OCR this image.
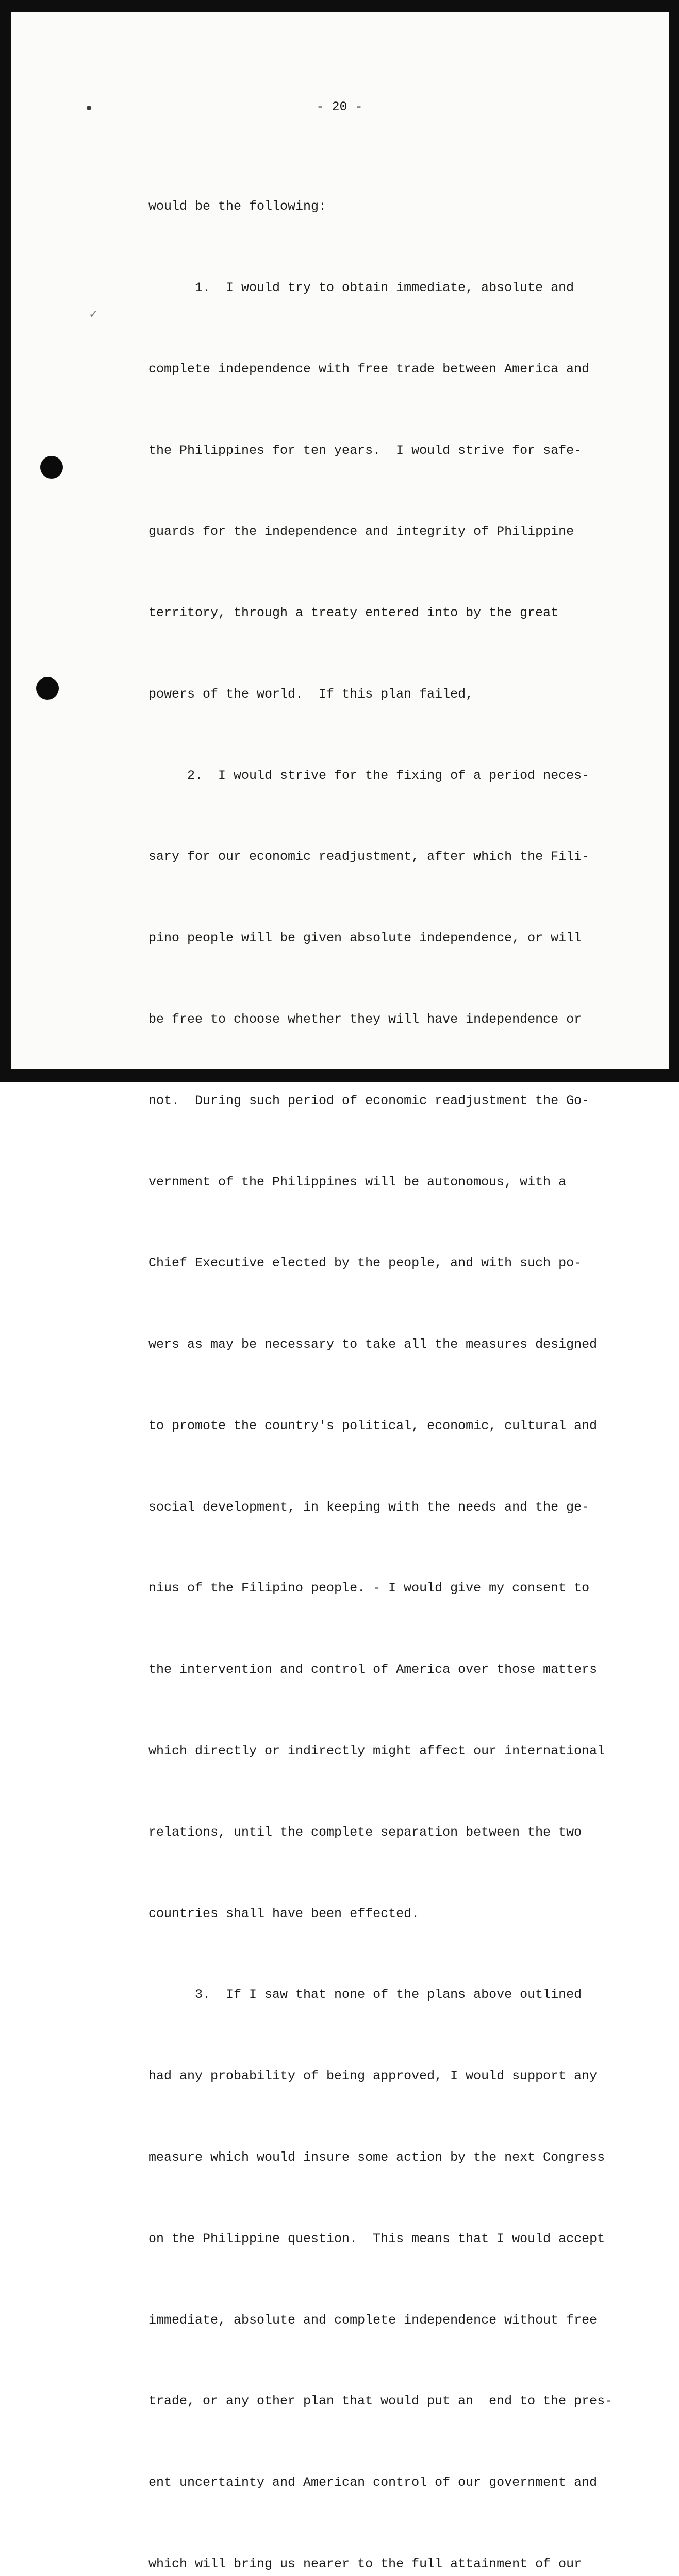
✓
- 20 -

would be the following:

1.  I would try to obtain immediate, absolute and

complete independence with free trade between America and

the Philippines for ten years.  I would strive for safe-

guards for the independence and integrity of Philippine

territory, through a treaty entered into by the great

powers of the world.  If this plan failed,

2.  I would strive for the fixing of a period neces-

sary for our economic readjustment, after which the Fili-

pino people will be given absolute independence, or will

be free to choose whether they will have independence or

not.  During such period of economic readjustment the Go-

vernment of the Philippines will be autonomous, with a

Chief Executive elected by the people, and with such po-

wers as may be necessary to take all the measures designed

to promote the country's political, economic, cultural and

social development, in keeping with the needs and the ge-

nius of the Filipino people. - I would give my consent to

the intervention and control of America over those matters

which directly or indirectly might affect our international

relations, until the complete separation between the two

countries shall have been effected.

3.  If I saw that none of the plans above outlined

had any probability of being approved, I would support any

measure which would insure some action by the next Congress

on the Philippine question.  This means that I would accept

immediate, absolute and complete independence without free

trade, or any other plan that would put an  end to the pres-

ent uncertainty and American control of our government and

which will bring us nearer to the full attainment of our
